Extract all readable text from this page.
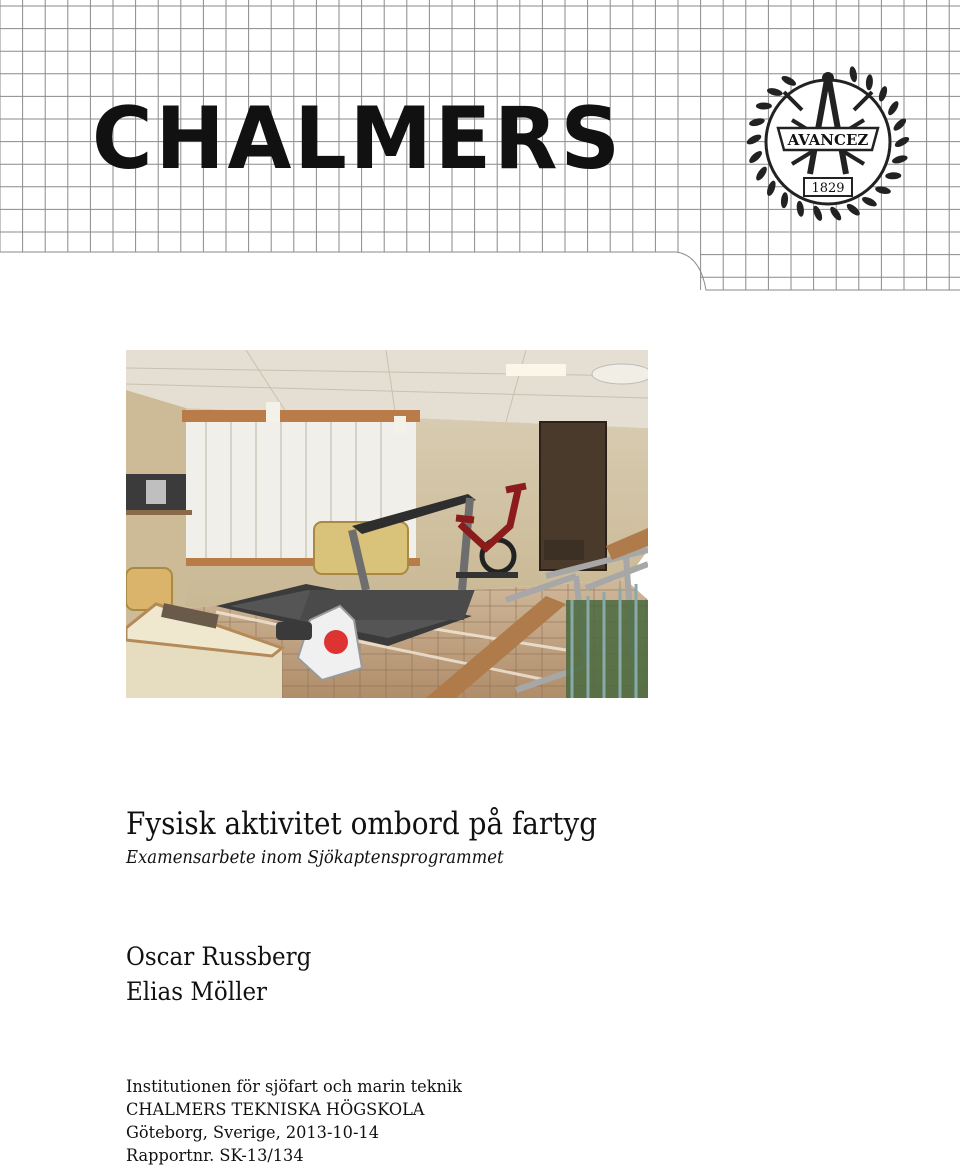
CHALMERS	AVANCEZ
1829
Fysisk aktivitet ombord på fartyg
Examensarbete inom Sjökaptensprogrammet
Oscar Russberg
Elias Möller
Institutionen för sjöfart och marin teknik
CHALMERS TEKNISKA HÖGSKOLA
Göteborg, Sverige, 2013-10-14
Rapportnr. SK-13/134
